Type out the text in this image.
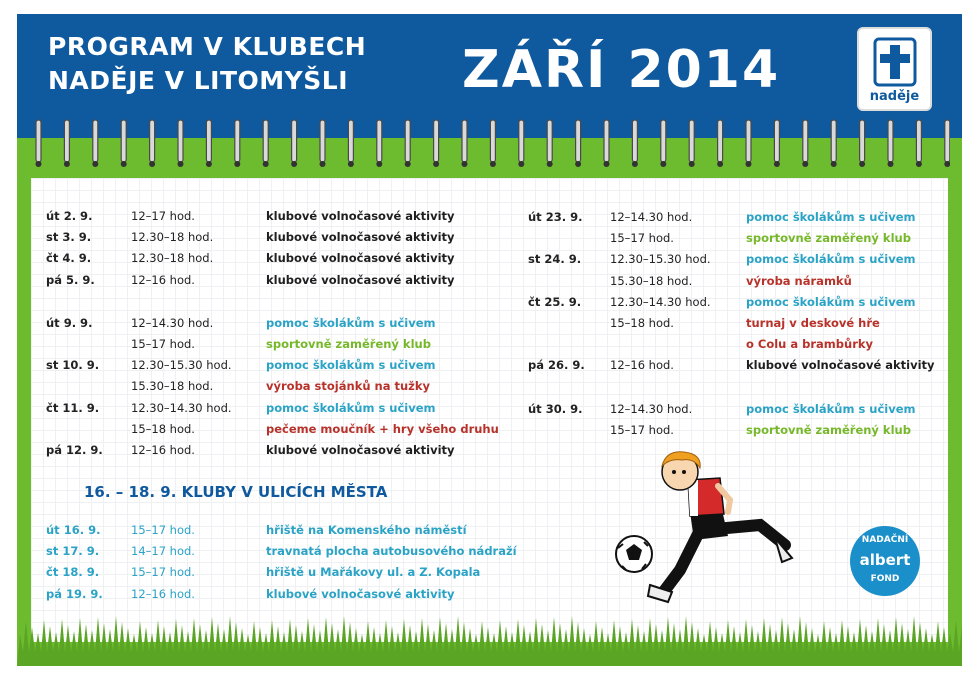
PROGRAM V KLUBECH
NADĚJE V LITOMYŠLI	ZÁŘÍ 2014	naděje
út 2. 9.	12–17 hod.	klubové volnočasové aktivity
st 3. 9.	12.30–18 hod.	klubové volnočasové aktivity
čt 4. 9.	12.30–18 hod.	klubové volnočasové aktivity
pá 5. 9.	12–16 hod.	klubové volnočasové aktivity
út 9. 9.	12–14.30 hod.	pomoc školákům s učivem
15–17 hod.	sportovně zaměřený klub
st 10. 9.	12.30–15.30 hod.	pomoc školákům s učivem
15.30–18 hod.	výroba stojánků na tužky
čt 11. 9.	12.30–14.30 hod.	pomoc školákům s učivem
15–18 hod.	pečeme moučník + hry všeho druhu
pá 12. 9. 12–16 hod.	klubové volnočasové aktivity
16. – 18. 9. KLUBY V ULICÍCH MĚSTA
út 16. 9.	15–17 hod.	hřiště na Komenského náměstí
st 17. 9.	14–17 hod.	travnatá plocha autobusového nádraží
čt 18. 9.	15–17 hod.	hřiště u Mařákovy ul. a Z. Kopala
pá 19. 9. 12–16 hod.	klubové volnočasové aktivity
út 23. 9. 12–14.30 hod.	pomoc školákům s učivem
15–17 hod.	sportovně zaměřený klub
st 24. 9.	12.30–15.30 hod.	pomoc školákům s učivem
15.30–18 hod.	výroba náramků
čt 25. 9.	12.30–14.30 hod.	pomoc školákům s učivem
15–18 hod.	turnaj v deskové hře
o Colu a brambůrky
pá 26. 9. 12–16 hod.	klubové volnočasové aktivity
út 30. 9. 12–14.30 hod.	pomoc školákům s učivem
15–17 hod.	sportovně zaměřený klub
NADAČNÍ
albert
FOND
